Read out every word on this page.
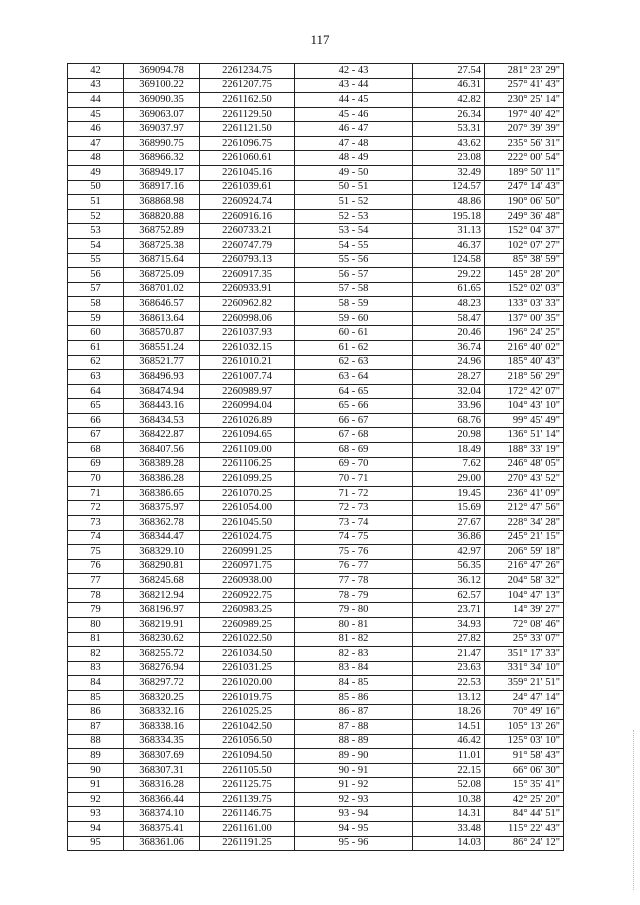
117
42	369094.78	2261234.75	42 - 43	27.54	281° 23' 29"
43	369100.22	2261207.75	43 - 44	46.31	257° 41' 43"
44	369090.35	2261162.50	44 - 45	42.82	230° 25' 14"
45	369063.07	2261129.50	45 - 46	26.34	197° 40' 42"
46	369037.97	2261121.50	46 - 47	53.31	207° 39' 39"
47	368990.75	2261096.75	47 - 48	43.62	235° 56' 31"
48	368966.32	2261060.61	48 - 49	23.08	222° 00' 54"
49	368949.17	2261045.16	49 - 50	32.49	189° 50' 11"
50	368917.16	2261039.61	50 - 51	124.57	247° 14' 43"
51	368868.98	2260924.74	51 - 52	48.86	190° 06' 50"
52	368820.88	2260916.16	52 - 53	195.18	249° 36' 48"
53	368752.89	2260733.21	53 - 54	31.13	152° 04' 37"
54	368725.38	2260747.79	54 - 55	46.37	102° 07' 27"
55	368715.64	2260793.13	55 - 56	124.58	85° 38' 59"
56	368725.09	2260917.35	56 - 57	29.22	145° 28' 20"
57	368701.02	2260933.91	57 - 58	61.65	152° 02' 03"
58	368646.57	2260962.82	58 - 59	48.23	133° 03' 33"
59	368613.64	2260998.06	59 - 60	58.47	137° 00' 35"
60	368570.87	2261037.93	60 - 61	20.46	196° 24' 25"
61	368551.24	2261032.15	61 - 62	36.74	216° 40' 02"
62	368521.77	2261010.21	62 - 63	24.96	185° 40' 43"
63	368496.93	2261007.74	63 - 64	28.27	218° 56' 29"
64	368474.94	2260989.97	64 - 65	32.04	172° 42' 07"
65	368443.16	2260994.04	65 - 66	33.96	104° 43' 10"
66	368434.53	2261026.89	66 - 67	68.76	99° 45' 49"
67	368422.87	2261094.65	67 - 68	20.98	136° 51' 14"
68	368407.56	2261109.00	68 - 69	18.49	188° 33' 19"
69	368389.28	2261106.25	69 - 70	7.62	246° 48' 05"
70	368386.28	2261099.25	70 - 71	29.00	270° 43' 52"
71	368386.65	2261070.25	71 - 72	19.45	236° 41' 09"
72	368375.97	2261054.00	72 - 73	15.69	212° 47' 56"
73	368362.78	2261045.50	73 - 74	27.67	228° 34' 28"
74	368344.47	2261024.75	74 - 75	36.86	245° 21' 15"
75	368329.10	2260991.25	75 - 76	42.97	206° 59' 18"
76	368290.81	2260971.75	76 - 77	56.35	216° 47' 26"
77	368245.68	2260938.00	77 - 78	36.12	204° 58' 32"
78	368212.94	2260922.75	78 - 79	62.57	104° 47' 13"
79	368196.97	2260983.25	79 - 80	23.71	14° 39' 27"
80	368219.91	2260989.25	80 - 81	34.93	72° 08' 46"
81	368230.62	2261022.50	81 - 82	27.82	25° 33' 07"
82	368255.72	2261034.50	82 - 83	21.47	351° 17' 33"
83	368276.94	2261031.25	83 - 84	23.63	331° 34' 10"
84	368297.72	2261020.00	84 - 85	22.53	359° 21' 51"
85	368320.25	2261019.75	85 - 86	13.12	24° 47' 14"
86	368332.16	2261025.25	86 - 87	18.26	70° 49' 16"
87	368338.16	2261042.50	87 - 88	14.51	105° 13' 26"
88	368334.35	2261056.50	88 - 89	46.42	125° 03' 10"
89	368307.69	2261094.50	89 - 90	11.01	91° 58' 43"
90	368307.31	2261105.50	90 - 91	22.15	66° 06' 30"
91	368316.28	2261125.75	91 - 92	52.08	15° 35' 41"
92	368366.44	2261139.75	92 - 93	10.38	42° 25' 20"
93	368374.10	2261146.75	93 - 94	14.31	84° 44' 51"
94	368375.41	2261161.00	94 - 95	33.48	115° 22' 43"
95	368361.06	2261191.25	95 - 96	14.03	86° 24' 12"
